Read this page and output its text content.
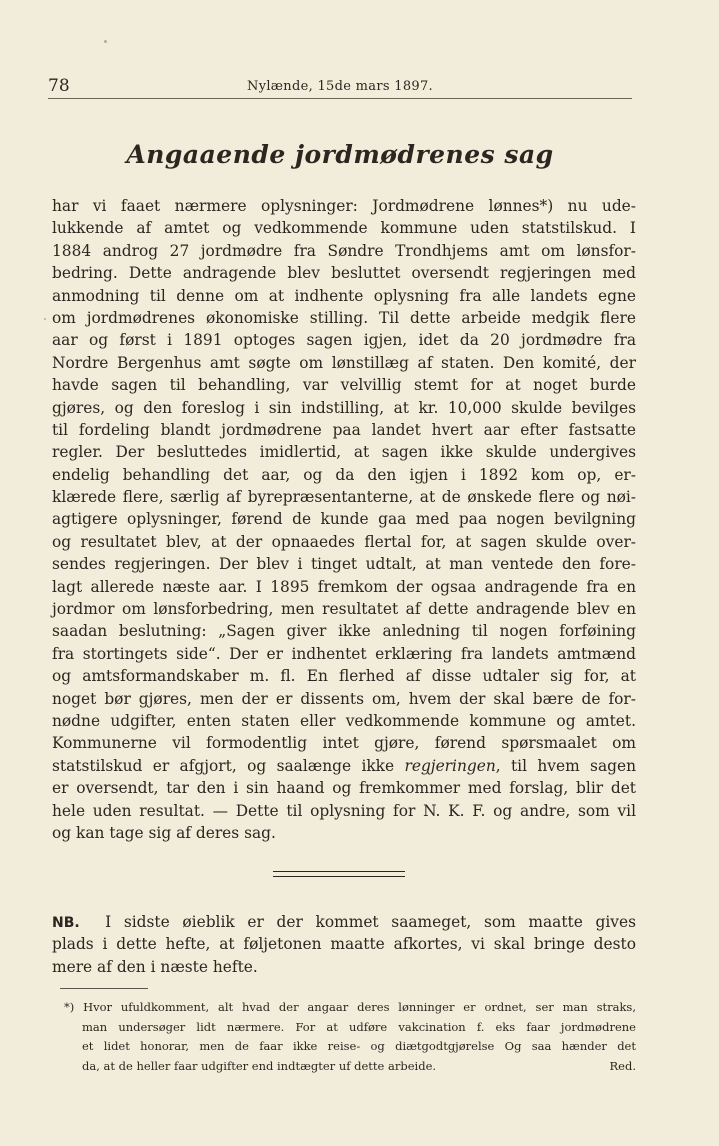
78	Nylændе, 15de mars 1897.
Angaaende jordmødrenes sag
har vi faaet nærmere oplysninger: Jordmødrene lønnes*) nu ude-
lukkende af amtet og vedkommende kommune uden statstilskud. I
1884 androg 27 jordmødre fra Søndre Trondhjems amt om lønsfor-
bedring. Dette andragende blev besluttet oversendt regjeringen med
anmodning til denne om at indhente oplysning fra alle landets egne
om jordmødrenes økonomiske stilling. Til dette arbeide medgik flere
aar og først i 1891 optoges sagen igjen, idet da 20 jordmødre fra
Nordre Bergenhus amt søgte om lønstillæg af staten. Den komité, der
havde sagen til behandling, var velvillig stemt for at noget burde
gjøres, og den foreslog i sin indstilling, at kr. 10,000 skulde bevilges
til fordeling blandt jordmødrene paa landet hvert aar efter fastsatte
regler. Der besluttedes imidlertid, at sagen ikke skulde undergives
endelig behandling det aar, og da den igjen i 1892 kom op, er-
klærede flere, særlig af byrepræsentanterne, at de ønskede flere og nøi-
agtigere oplysninger, førend de kunde gaa med paa nogen bevilgning
og resultatet blev, at der opnaaedes flertal for, at sagen skulde over-
sendes regjeringen. Der blev i tinget udtalt, at man ventede den fore-
lagt allerede næste aar. I 1895 fremkom der ogsaa andragende fra en
jordmor om lønsforbedring, men resultatet af dette andragende blev en
saadan beslutning: „Sagen giver ikke anledning til nogen forføining
fra stortingets side“. Der er indhentet erklæring fra landets amtmænd
og amtsformandskaber m. fl. En flerhed af disse udtaler sig for, at
noget bør gjøres, men der er dissents om, hvem der skal bære de for-
nødne udgifter, enten staten eller vedkommende kommune og amtet.
Kommunerne vil formodentlig intet gjøre, førend spørsmaalet om
statstilskud er afgjort, og saalænge ikke regjeringen, til hvem sagen
er oversendt, tar den i sin haand og fremkommer med forslag, blir det
hele uden resultat. — Dette til oplysning for N. K. F. og andre, som vil
og kan tage sig af deres sag.
NB. I sidste øieblik er der kommet saameget, som maatte gives
plads i dette hefte, at føljetonen maatte afkortes, vi skal bringe desto
mere af den i næste hefte.
*) Hvor ufuldkomment, alt hvad der angaar deres lønninger er ordnet, ser man straks,
man undersøger lidt nærmere. For at udføre vakcination f. eks faar jordmødrene
et lidet honorar, men de faar ikke reise- og diætgodtgjørelse Og saa hænder det
da, at de heller faar udgifter end indtægter uf dette arbeide.	Red.
